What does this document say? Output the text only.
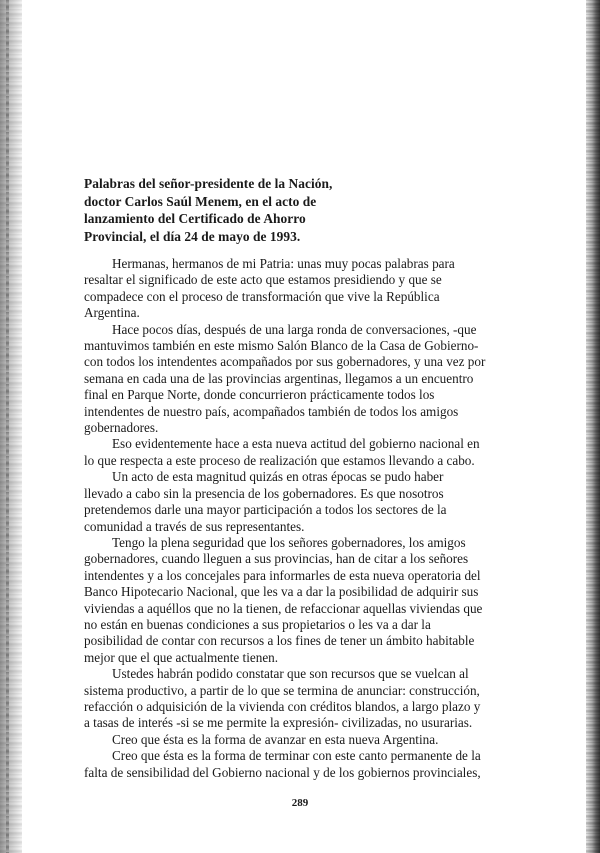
Palabras del señor-presidente de la Nación,
doctor Carlos Saúl Menem, en el acto de
lanzamiento del Certificado de Ahorro
Provincial, el día 24 de mayo de 1993.
Hermanas, hermanos de mi Patria: unas muy pocas palabras para
resaltar el significado de este acto que estamos presidiendo y que se
compadece con el proceso de transformación que vive la República
Argentina.
Hace pocos días, después de una larga ronda de conversaciones, -que
mantuvimos también en este mismo Salón Blanco de la Casa de Gobierno-
con todos los intendentes acompañados por sus gobernadores, y una vez por
semana en cada una de las provincias argentinas, llegamos a un encuentro
final en Parque Norte, donde concurrieron prácticamente todos los
intendentes de nuestro país, acompañados también de todos los amigos
gobernadores.
Eso evidentemente hace a esta nueva actitud del gobierno nacional en
lo que respecta a este proceso de realización que estamos llevando a cabo.
Un acto de esta magnitud quizás en otras épocas se pudo haber
llevado a cabo sin la presencia de los gobernadores. Es que nosotros
pretendemos darle una mayor participación a todos los sectores de la
comunidad a través de sus representantes.
Tengo la plena seguridad que los señores gobernadores, los amigos
gobernadores, cuando lleguen a sus provincias, han de citar a los señores
intendentes y a los concejales para informarles de esta nueva operatoria del
Banco Hipotecario Nacional, que les va a dar la posibilidad de adquirir sus
viviendas a aquéllos que no la tienen, de refaccionar aquellas viviendas que
no están en buenas condiciones a sus propietarios o les va a dar la
posibilidad de contar con recursos a los fines de tener un ámbito habitable
mejor que el que actualmente tienen.
Ustedes habrán podido constatar que son recursos que se vuelcan al
sistema productivo, a partir de lo que se termina de anunciar: construcción,
refacción o adquisición de la vivienda con créditos blandos, a largo plazo y
a tasas de interés -si se me permite la expresión- civilizadas, no usurarias.
Creo que ésta es la forma de avanzar en esta nueva Argentina.
Creo que ésta es la forma de terminar con este canto permanente de la
falta de sensibilidad del Gobierno nacional y de los gobiernos provinciales,
289
